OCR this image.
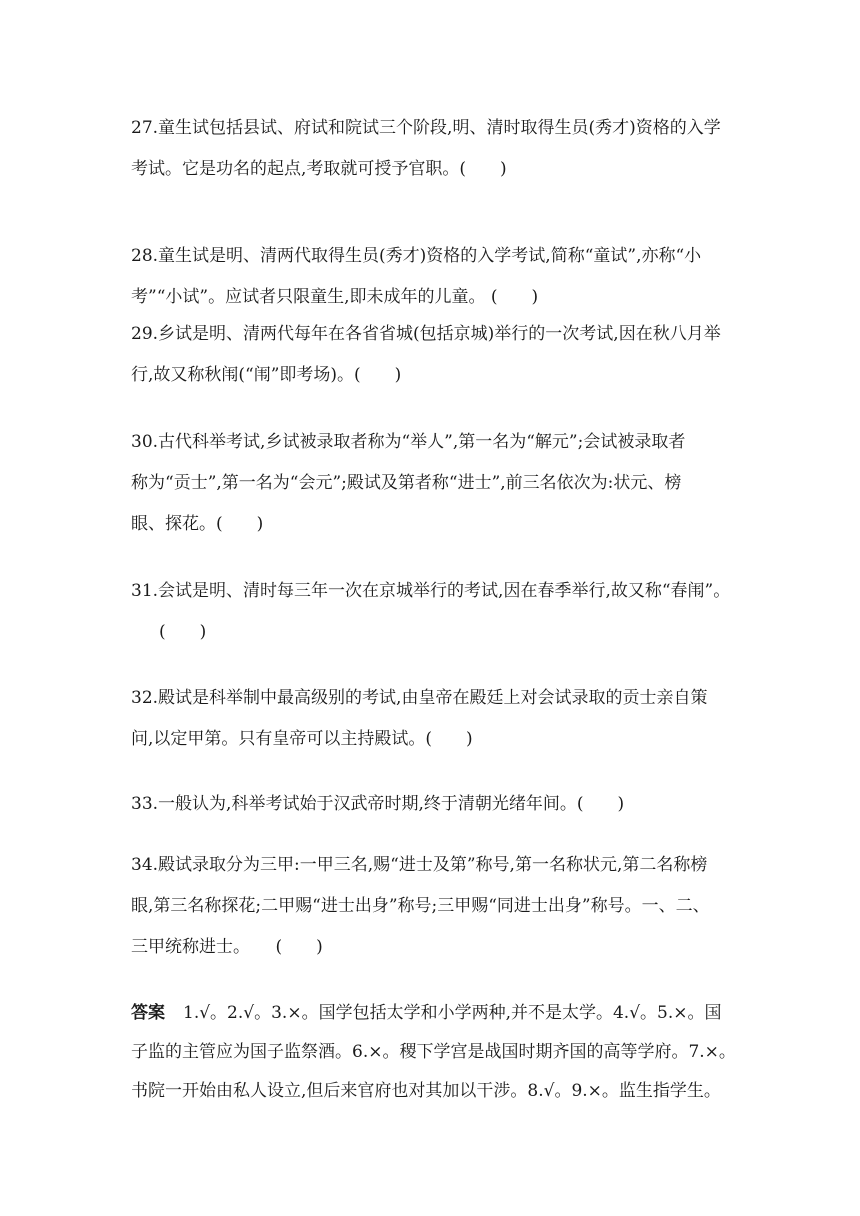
27.童生试包括县试、府试和院试三个阶段,明、清时取得生员(秀才)资格的入学
考试。它是功名的起点,考取就可授予官职。(　　)

28.童生试是明、清两代取得生员(秀才)资格的入学考试,简称“童试”,亦称“小
考”“小试”。应试者只限童生,即未成年的儿童。 (　　)

29.乡试是明、清两代每年在各省省城(包括京城)举行的一次考试,因在秋八月举
行,故又称秋闱(“闱”即考场)。(　　)

30.古代科举考试,乡试被录取者称为“举人”,第一名为“解元”;会试被录取者
称为“贡士”,第一名为“会元”;殿试及第者称“进士”,前三名依次为:状元、榜
眼、探花。(　　)

31.会试是明、清时每三年一次在京城举行的考试,因在春季举行,故又称“春闱”。
(　　)

32.殿试是科举制中最高级别的考试,由皇帝在殿廷上对会试录取的贡士亲自策
问,以定甲第。只有皇帝可以主持殿试。(　　)

33.一般认为,科举考试始于汉武帝时期,终于清朝光绪年间。(　　)

34.殿试录取分为三甲:一甲三名,赐“进士及第”称号,第一名称状元,第二名称榜
眼,第三名称探花;二甲赐“进士出身”称号;三甲赐“同进士出身”称号。一、二、
三甲统称进士。　　(　　)

答案 1.√。2.√。3.×。国学包括太学和小学两种,并不是太学。4.√。5.×。国
子监的主管应为国子监祭酒。6.×。稷下学宫是战国时期齐国的高等学府。7.×。
书院一开始由私人设立,但后来官府也对其加以干涉。8.√。9.×。监生指学生。
